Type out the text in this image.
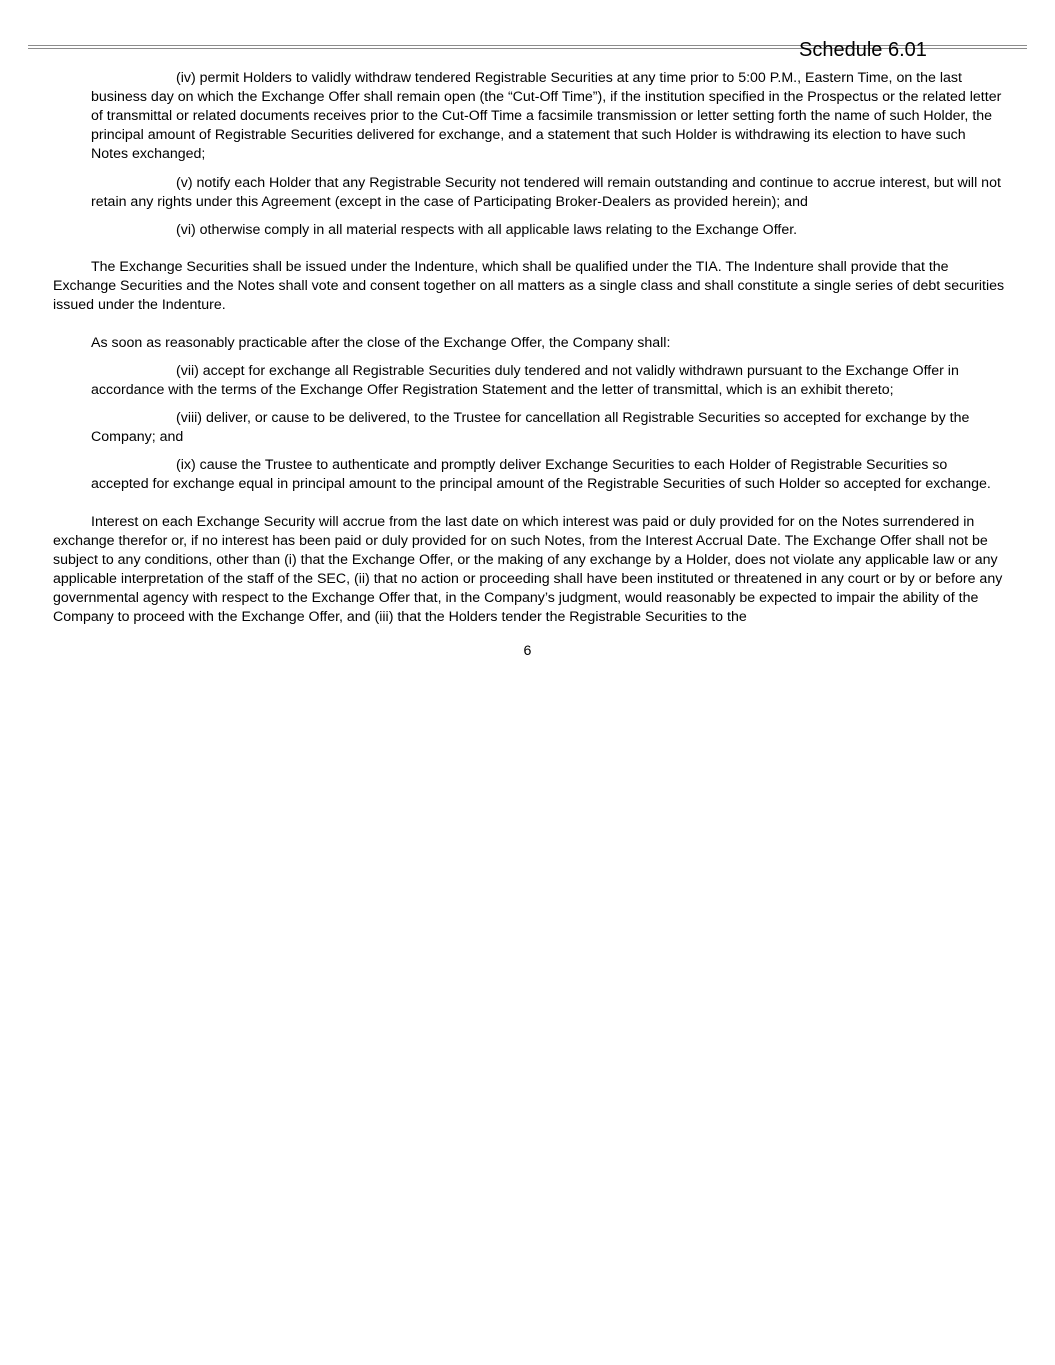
Schedule 6.01

(iv) permit Holders to validly withdraw tendered Registrable Securities at any time prior to 5:00 P.M., Eastern Time, on the last business day on which the Exchange Offer shall remain open (the “Cut-Off Time”), if the institution specified in the Prospectus or the related letter of transmittal or related documents receives prior to the Cut-Off Time a facsimile transmission or letter setting forth the name of such Holder, the principal amount of Registrable Securities delivered for exchange, and a statement that such Holder is withdrawing its election to have such Notes exchanged;

(v) notify each Holder that any Registrable Security not tendered will remain outstanding and continue to accrue interest, but will not retain any rights under this Agreement (except in the case of Participating Broker-Dealers as provided herein); and

(vi) otherwise comply in all material respects with all applicable laws relating to the Exchange Offer.

The Exchange Securities shall be issued under the Indenture, which shall be qualified under the TIA. The Indenture shall provide that the Exchange Securities and the Notes shall vote and consent together on all matters as a single class and shall constitute a single series of debt securities issued under the Indenture.

As soon as reasonably practicable after the close of the Exchange Offer, the Company shall:

(vii) accept for exchange all Registrable Securities duly tendered and not validly withdrawn pursuant to the Exchange Offer in accordance with the terms of the Exchange Offer Registration Statement and the letter of transmittal, which is an exhibit thereto;

(viii) deliver, or cause to be delivered, to the Trustee for cancellation all Registrable Securities so accepted for exchange by the Company; and

(ix) cause the Trustee to authenticate and promptly deliver Exchange Securities to each Holder of Registrable Securities so accepted for exchange equal in principal amount to the principal amount of the Registrable Securities of such Holder so accepted for exchange.

Interest on each Exchange Security will accrue from the last date on which interest was paid or duly provided for on the Notes surrendered in exchange therefor or, if no interest has been paid or duly provided for on such Notes, from the Interest Accrual Date. The Exchange Offer shall not be subject to any conditions, other than (i) that the Exchange Offer, or the making of any exchange by a Holder, does not violate any applicable law or any applicable interpretation of the staff of the SEC, (ii) that no action or proceeding shall have been instituted or threatened in any court or by or before any governmental agency with respect to the Exchange Offer that, in the Company’s judgment, would reasonably be expected to impair the ability of the Company to proceed with the Exchange Offer, and (iii) that the Holders tender the Registrable Securities to the

6
